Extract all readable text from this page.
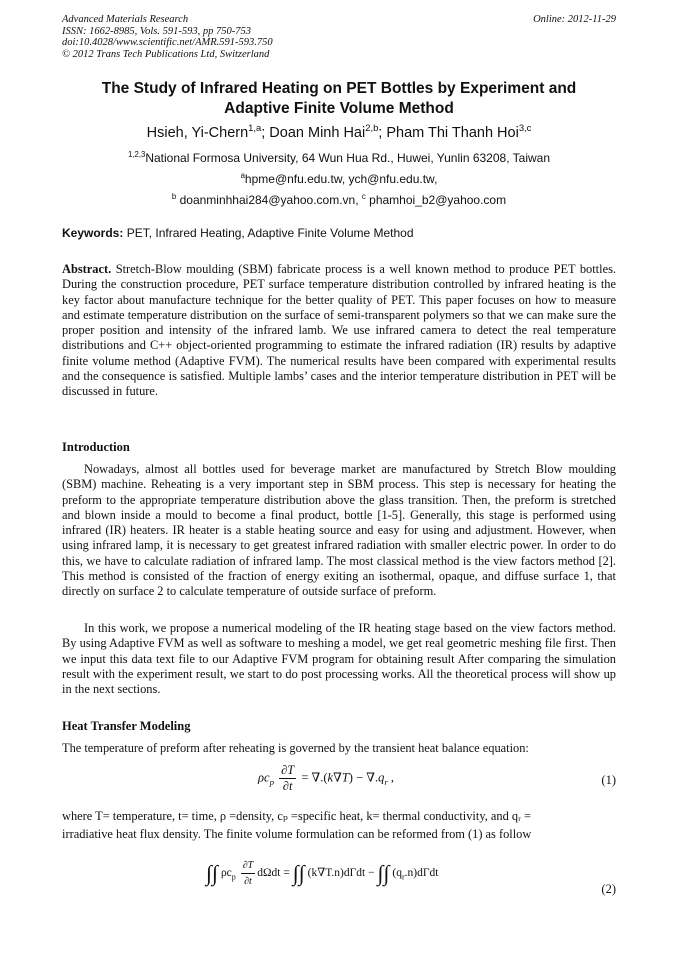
Advanced Materials Research
ISSN: 1662-8985, Vols. 591-593, pp 750-753
doi:10.4028/www.scientific.net/AMR.591-593.750
© 2012 Trans Tech Publications Ltd, Switzerland
Online: 2012-11-29
The Study of Infrared Heating on PET Bottles by Experiment and
Adaptive Finite Volume Method
Hsieh, Yi-Chern$^{1,a}$; Doan Minh Hai$^{2,b}$; Pham Thi Thanh Hoi$^{3,c}$
$^{1,2,3}$National Formosa University, 64 Wun Hua Rd., Huwei, Yunlin 63208, Taiwan
$^a$hpme@nfu.edu.tw, ych@nfu.edu.tw,
$^b$ doanminhhai284@yahoo.com.vn, $^c$ phamhoi_b2@yahoo.com
Keywords: PET, Infrared Heating, Adaptive Finite Volume Method
Abstract. Stretch-Blow moulding (SBM) fabricate process is a well known method to produce PET bottles. During the construction procedure, PET surface temperature distribution controlled by infrared heating is the key factor about manufacture technique for the better quality of PET. This paper focuses on how to measure and estimate temperature distribution on the surface of semi-transparent polymers so that we can make sure the proper position and intensity of the infrared lamb. We use infrared camera to detect the real temperature distributions and C++ object-oriented programming to estimate the infrared radiation (IR) results by adaptive finite volume method (Adaptive FVM). The numerical results have been compared with experimental results and the consequence is satisfied. Multiple lambs’ cases and the interior temperature distribution in PET will be discussed in future.
Introduction
Nowadays, almost all bottles used for beverage market are manufactured by Stretch Blow moulding (SBM) machine. Reheating is a very important step in SBM process. This step is necessary for heating the preform to the appropriate temperature distribution above the glass transition. Then, the preform is stretched and blown inside a mould to become a final product, bottle [1-5]. Generally, this stage is performed using infrared (IR) heaters. IR heater is a stable heating source and easy for using and adjustment. However, when using infrared lamp, it is necessary to get greatest infrared radiation with smaller electric power. In order to do this, we have to calculate radiation of infrared lamp. The most classical method is the view factors method [2]. This method is consisted of the fraction of energy exiting an isothermal, opaque, and diffuse surface 1, that directly on surface 2 to calculate temperature of outside surface of preform.
In this work, we propose a numerical modeling of the IR heating stage based on the view factors method. By using Adaptive FVM as well as software to meshing a model, we get real geometric meshing file first. Then we input this data text file to our Adaptive FVM program for obtaining result After comparing the simulation result with the experiment result, we start to do post processing works. All the theoretical process will show up in the next sections.
Heat Transfer Modeling
The temperature of preform after reheating is governed by the transient heat balance equation:
$\rho c_p \frac{\partial T}{\partial t} = \nabla.(k\nabla T) - \nabla.q_r$ ,	(1)
where T= temperature, t= time, ρ =density, cₚ =specific heat, k= thermal conductivity, and qᵣ =
irradiative heat flux density. The finite volume formulation can be reformed from (1) as follow
∫∫ $\rho c_p \frac{\partial T}{\partial t}$ dΩdt = ∫∫ (k∇T.n)dΓdt − ∫∫ $(q_r.n)d\Gamma dt$
(2)
